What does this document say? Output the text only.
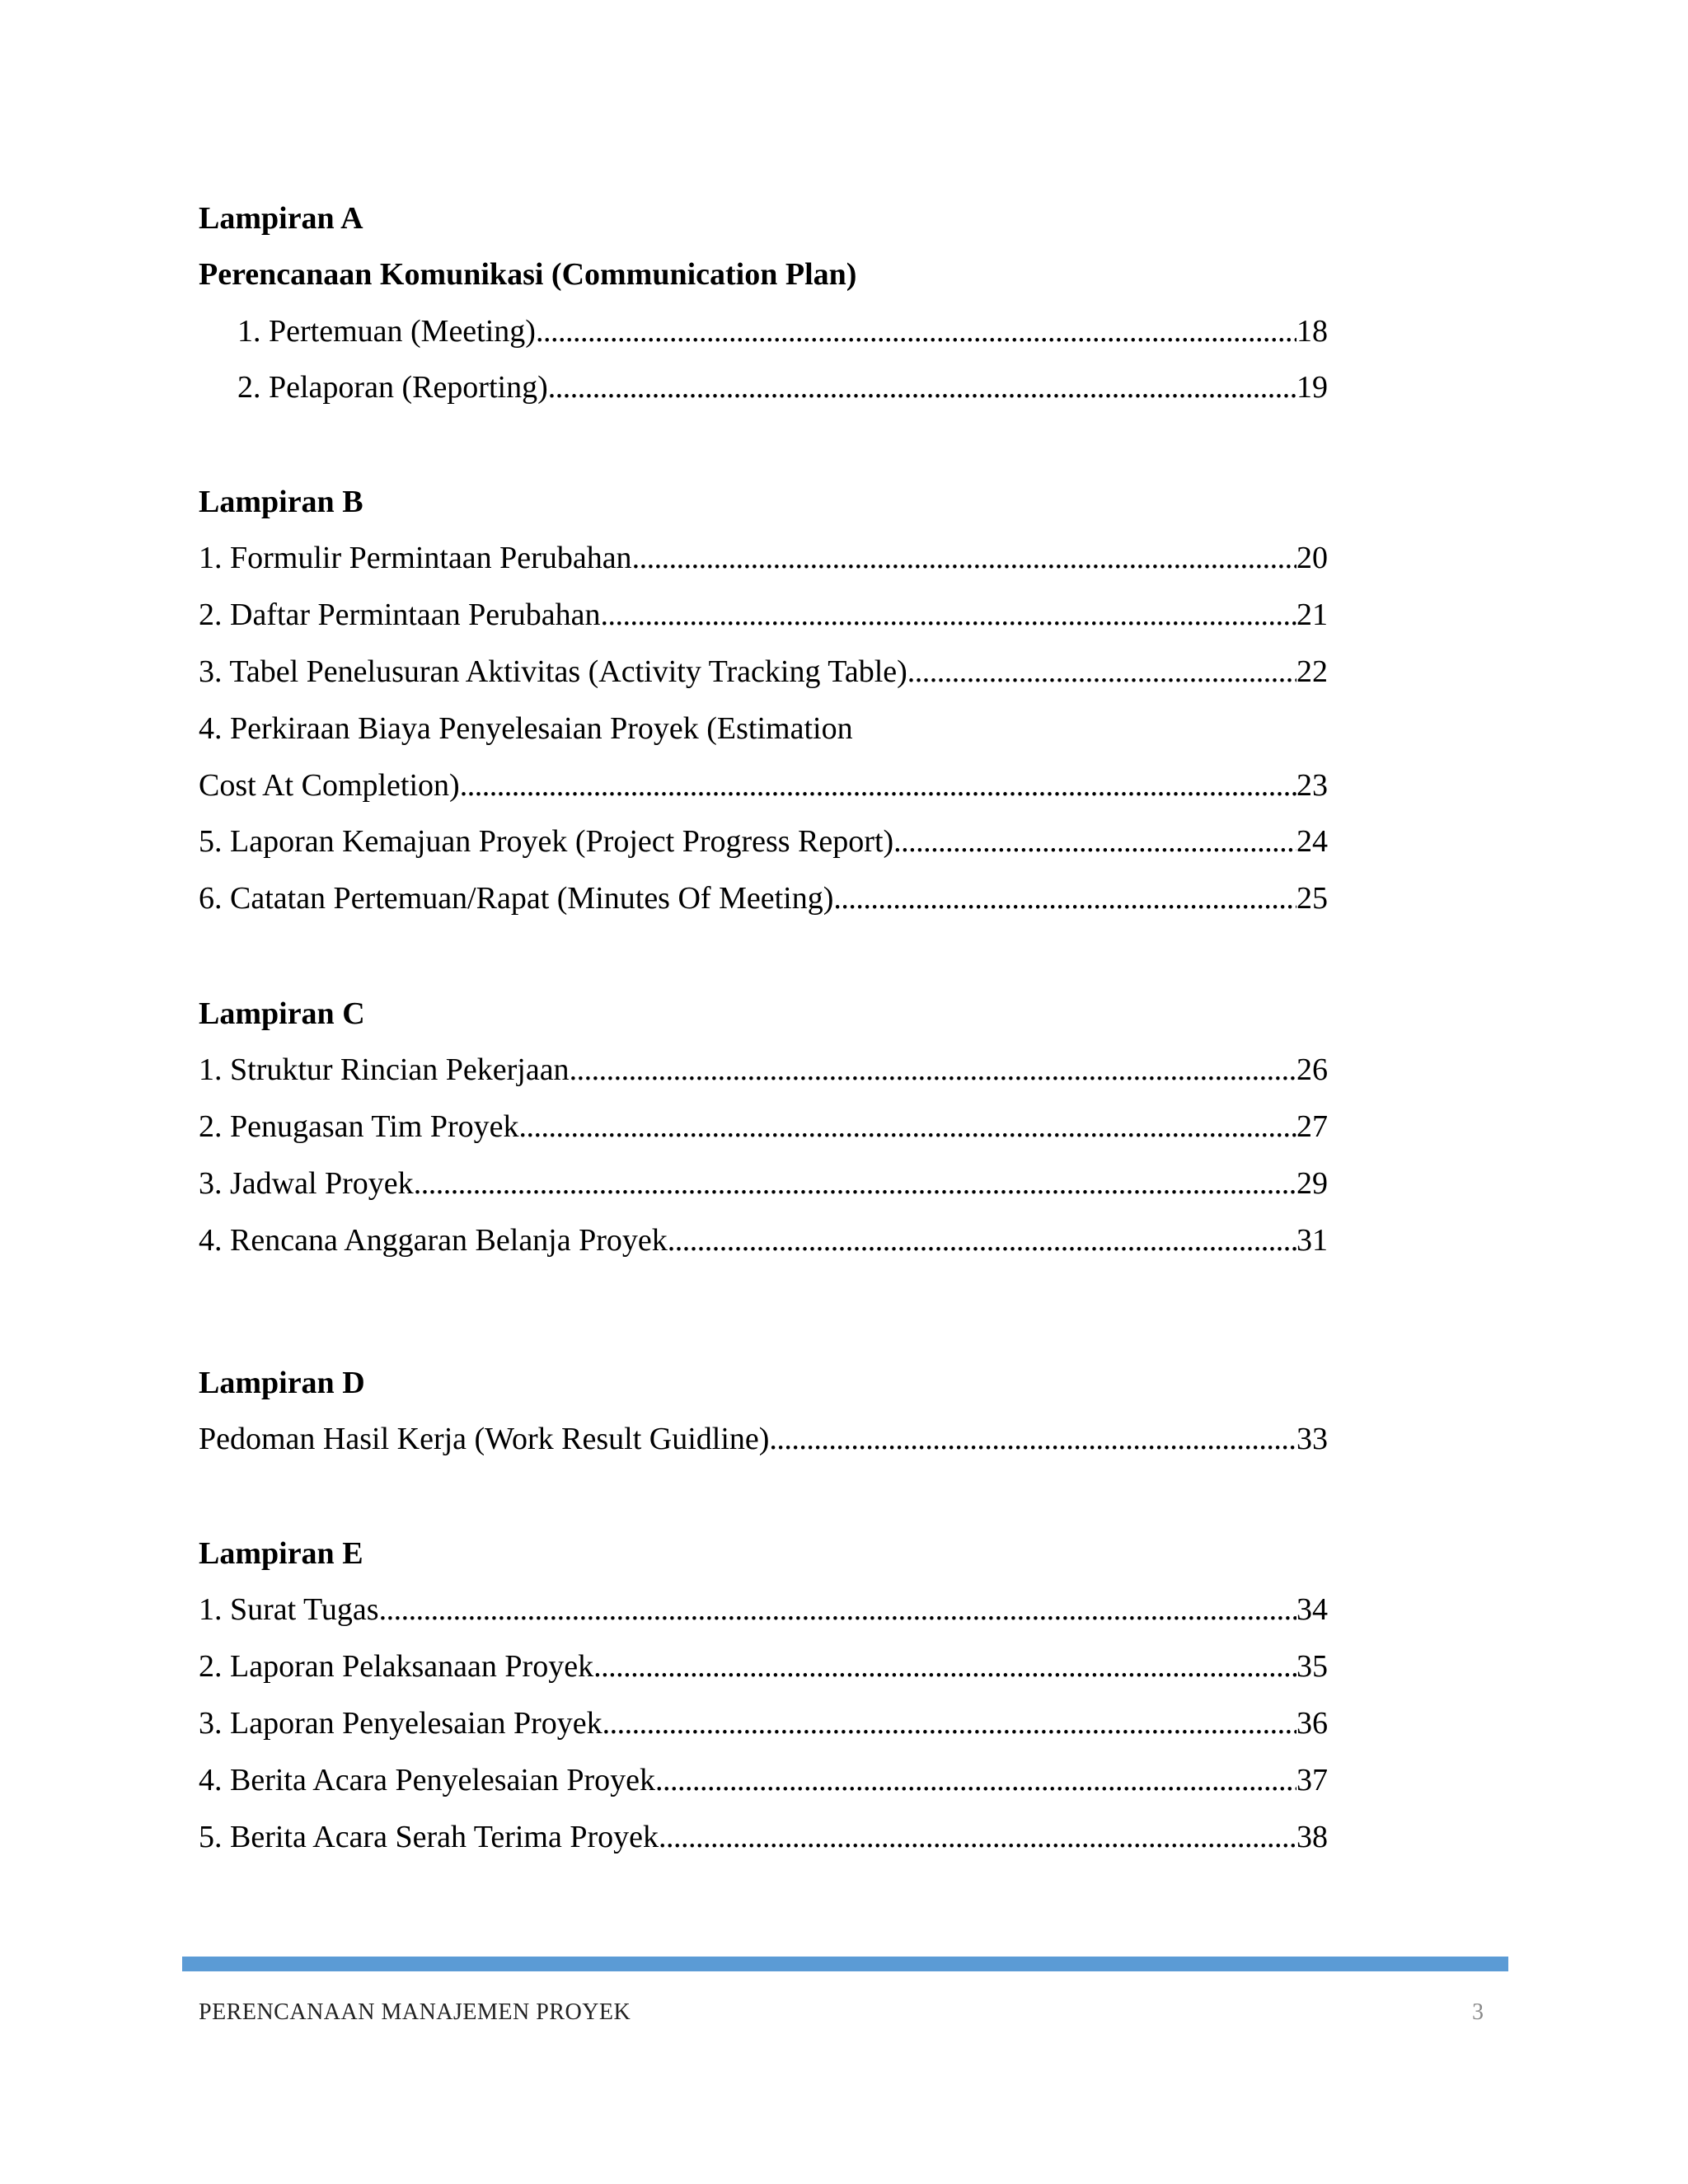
Lampiran A
Perencanaan Komunikasi (Communication Plan)
1. Pertemuan (Meeting) . . .	18
2. Pelaporan (Reporting) . . .	19
Lampiran B
1. Formulir Permintaan Perubahan . . .	20
2. Daftar Permintaan Perubahan . . .	21
3. Tabel Penelusuran Aktivitas (Activity Tracking Table) . . .	22
4. Perkiraan Biaya Penyelesaian Proyek (Estimation
Cost At Completion) . . .	23
5. Laporan Kemajuan Proyek (Project Progress Report) . . .	24
6. Catatan Pertemuan/Rapat (Minutes Of Meeting) . . .	25
Lampiran C
1. Struktur Rincian Pekerjaan . . .	26
2. Penugasan Tim Proyek . . .	27
3. Jadwal Proyek . . .	29
4. Rencana Anggaran Belanja Proyek . . .	31
Lampiran D
Pedoman Hasil Kerja (Work Result Guidline) . . .	33
Lampiran E
1. Surat Tugas . . .	34
2. Laporan Pelaksanaan Proyek . . .	35
3. Laporan Penyelesaian Proyek . . .	36
4. Berita Acara Penyelesaian Proyek . . .	37
5. Berita Acara Serah Terima Proyek . . .	38
PERENCANAAN MANAJEMEN PROYEK	3
